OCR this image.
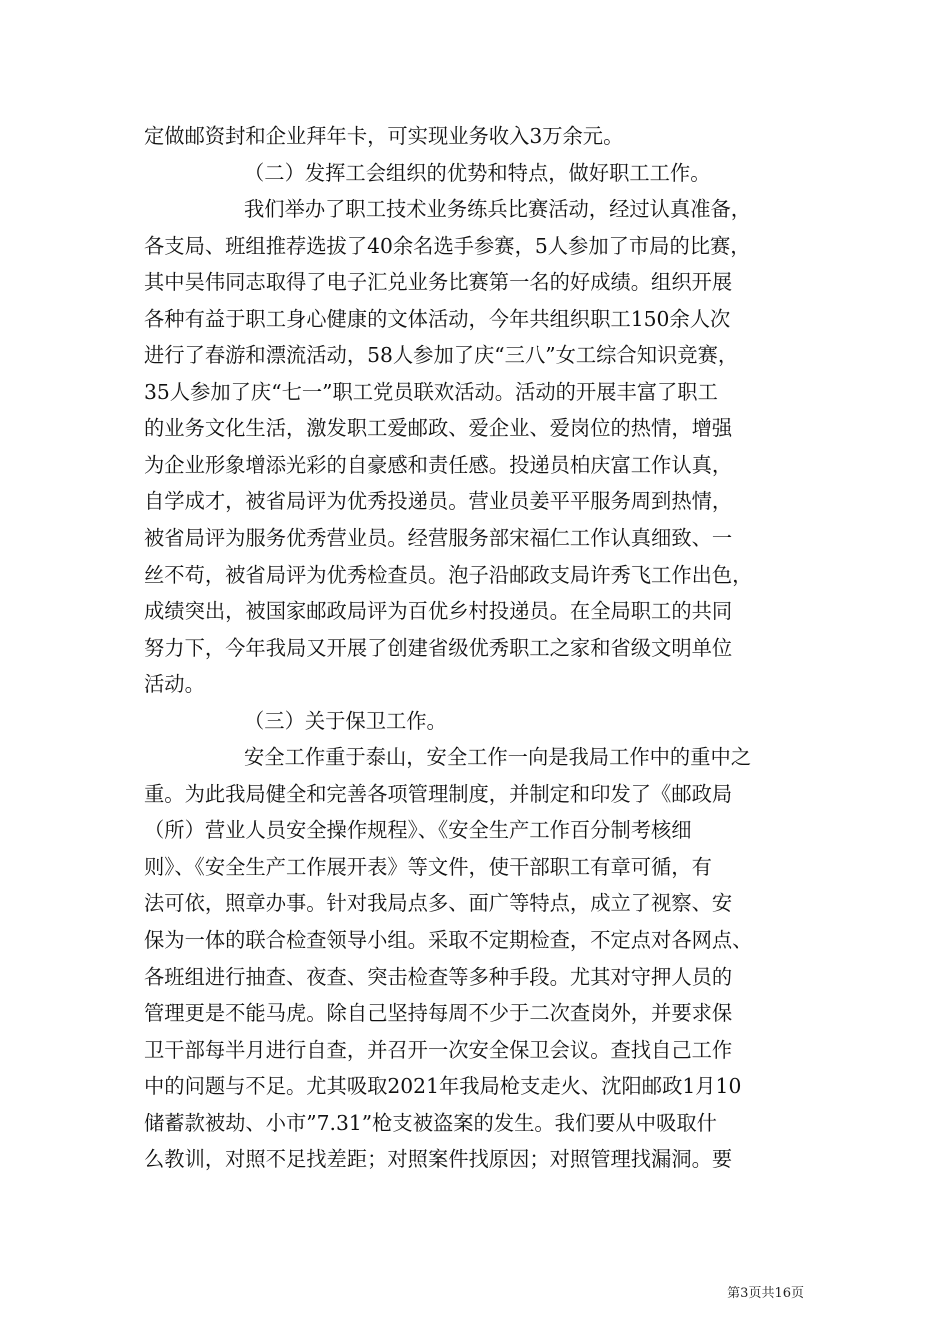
定做邮资封和企业拜年卡，可实现业务收入3万余元。
（二）发挥工会组织的优势和特点，做好职工工作。
我们举办了职工技术业务练兵比赛活动，经过认真准备，
各支局、班组推荐选拔了40余名选手参赛，5人参加了市局的比赛，
其中吴伟同志取得了电子汇兑业务比赛第一名的好成绩。组织开展
各种有益于职工身心健康的文体活动，今年共组织职工150余人次
进行了春游和漂流活动，58人参加了庆“三八”女工综合知识竞赛，
35人参加了庆“七一”职工党员联欢活动。活动的开展丰富了职工
的业务文化生活，激发职工爱邮政、爱企业、爱岗位的热情，增强
为企业形象增添光彩的自豪感和责任感。投递员柏庆富工作认真，
自学成才，被省局评为优秀投递员。营业员姜平平服务周到热情，
被省局评为服务优秀营业员。经营服务部宋福仁工作认真细致、一
丝不苟，被省局评为优秀检查员。泡子沿邮政支局许秀飞工作出色，
成绩突出，被国家邮政局评为百优乡村投递员。在全局职工的共同
努力下，今年我局又开展了创建省级优秀职工之家和省级文明单位
活动。
（三）关于保卫工作。
安全工作重于泰山，安全工作一向是我局工作中的重中之
重。为此我局健全和完善各项管理制度，并制定和印发了《邮政局
（所）营业人员安全操作规程》、《安全生产工作百分制考核细
则》、《安全生产工作展开表》等文件，使干部职工有章可循，有
法可依，照章办事。针对我局点多、面广等特点，成立了视察、安
保为一体的联合检查领导小组。采取不定期检查，不定点对各网点、
各班组进行抽查、夜查、突击检查等多种手段。尤其对守押人员的
管理更是不能马虎。除自己坚持每周不少于二次查岗外，并要求保
卫干部每半月进行自查，并召开一次安全保卫会议。查找自己工作
中的问题与不足。尤其吸取2021年我局枪支走火、沈阳邮政1月10
储蓄款被劫、小市”7.31”枪支被盗案的发生。我们要从中吸取什
么教训，对照不足找差距；对照案件找原因；对照管理找漏洞。要
第3页共16页
